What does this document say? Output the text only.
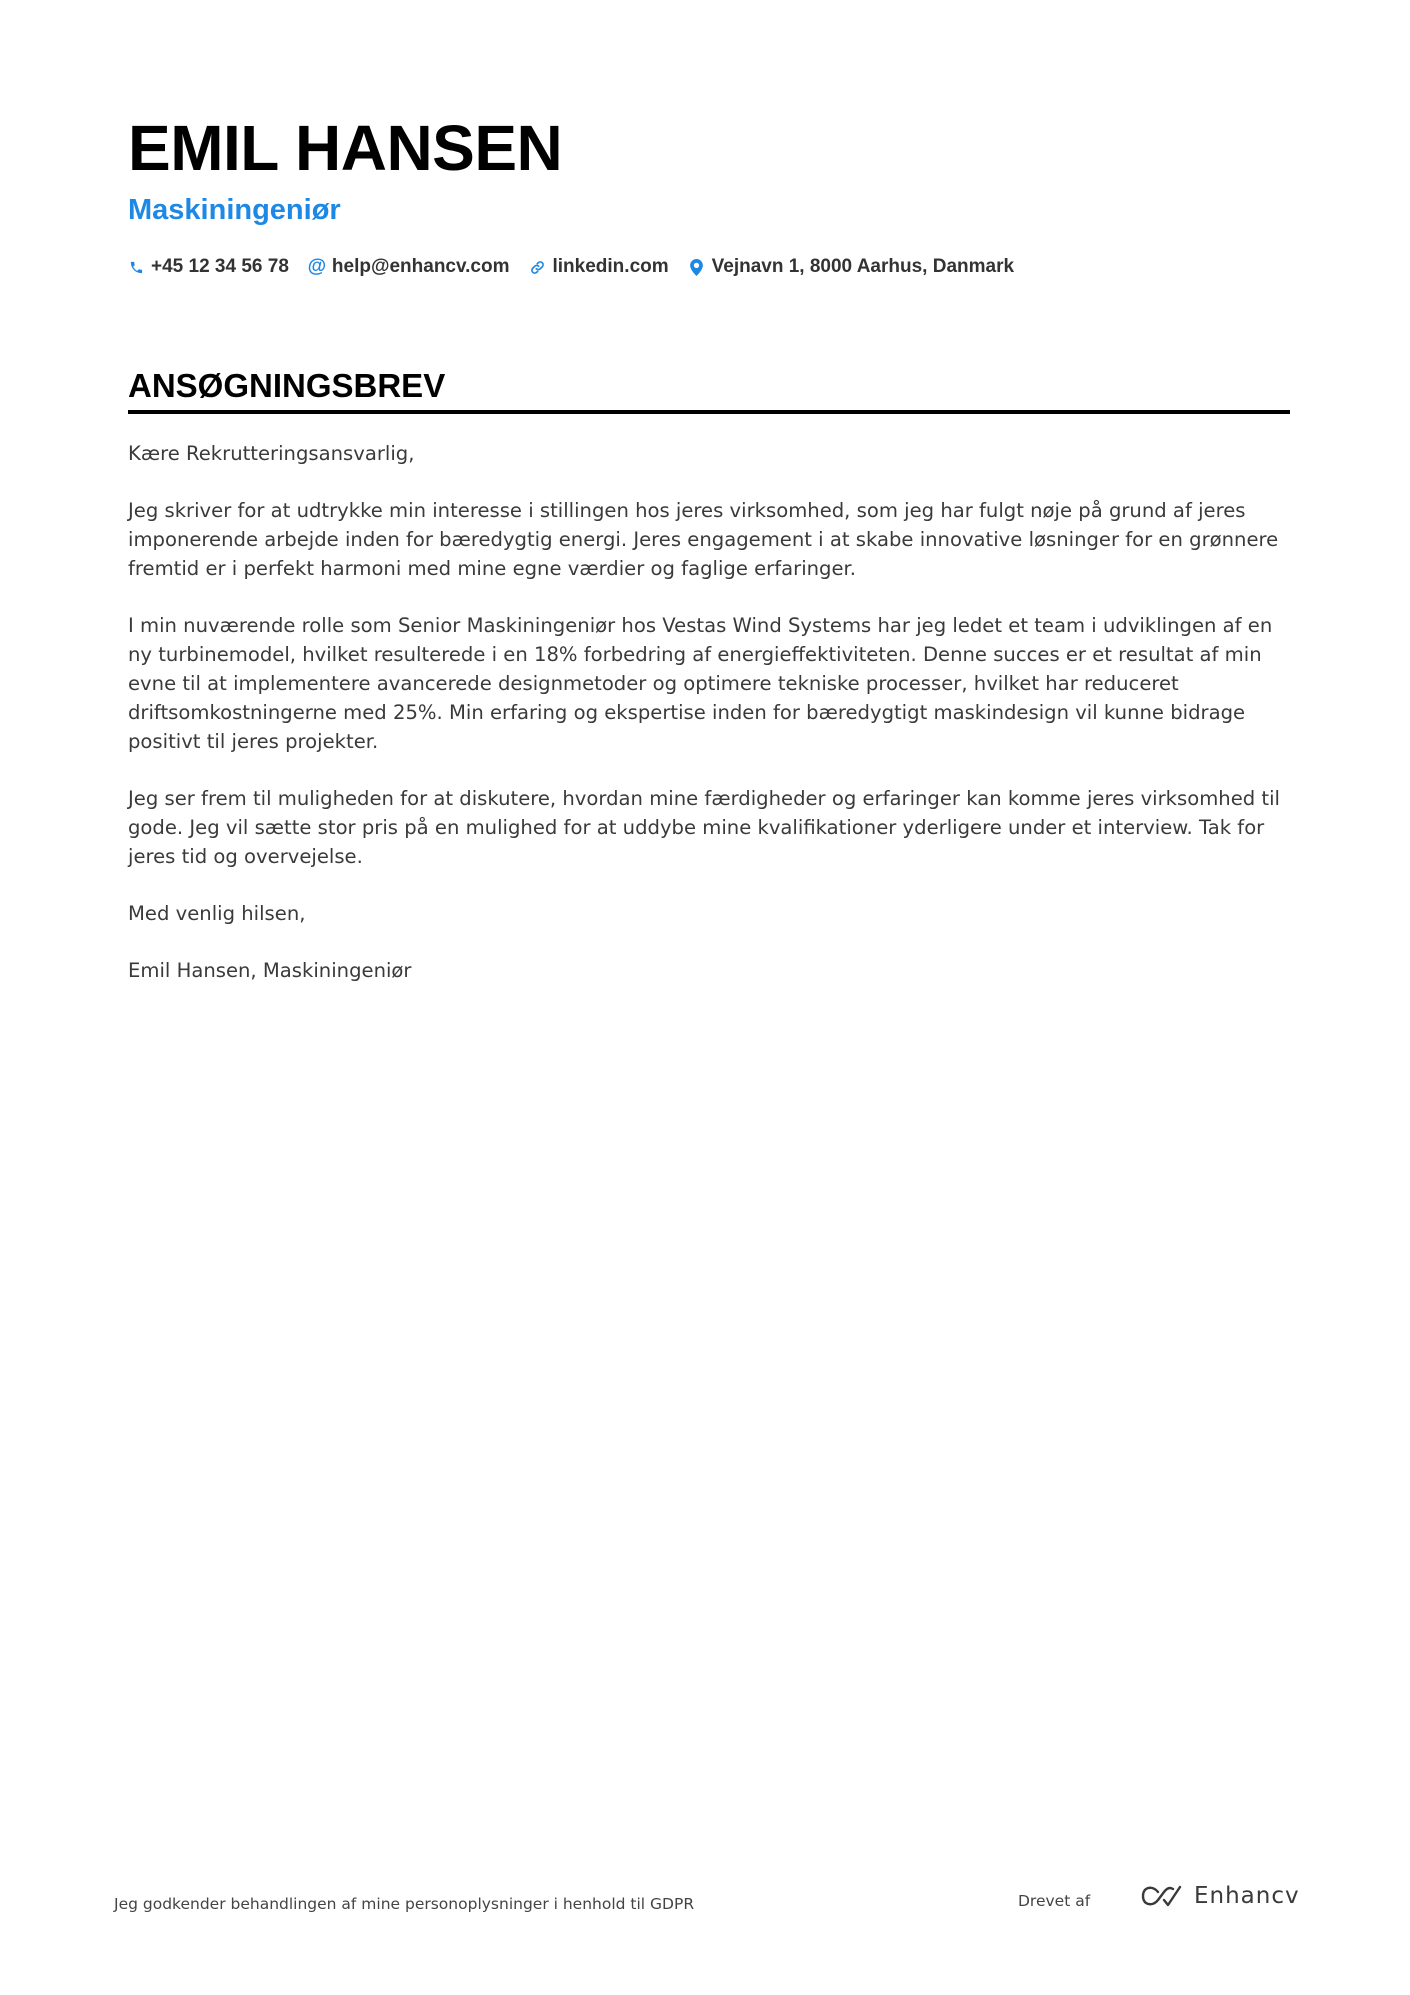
EMIL HANSEN
Maskiningeniør
+45 12 34 56 78 @ help@enhancv.com linkedin.com Vejnavn 1, 8000 Aarhus, Danmark
ANSØGNINGSBREV

Kære Rekrutteringsansvarlig,

Jeg skriver for at udtrykke min interesse i stillingen hos jeres virksomhed, som jeg har fulgt nøje på grund af jeres imponerende arbejde inden for bæredygtig energi. Jeres engagement i at skabe innovative løsninger for en grønnere fremtid er i perfekt harmoni med mine egne værdier og faglige erfaringer.

I min nuværende rolle som Senior Maskiningeniør hos Vestas Wind Systems har jeg ledet et team i udviklingen af en ny turbinemodel, hvilket resulterede i en 18% forbedring af energieffektiviteten. Denne succes er et resultat af min evne til at implementere avancerede designmetoder og optimere tekniske processer, hvilket har reduceret driftsomkostningerne med 25%. Min erfaring og ekspertise inden for bæredygtigt maskindesign vil kunne bidrage positivt til jeres projekter.

Jeg ser frem til muligheden for at diskutere, hvordan mine færdigheder og erfaringer kan komme jeres virksomhed til gode. Jeg vil sætte stor pris på en mulighed for at uddybe mine kvalifikationer yderligere under et interview. Tak for jeres tid og overvejelse.

Med venlig hilsen,

Emil Hansen, Maskiningeniør

Jeg godkender behandlingen af mine personoplysninger i henhold til GDPR	Drevet af	Enhancv
